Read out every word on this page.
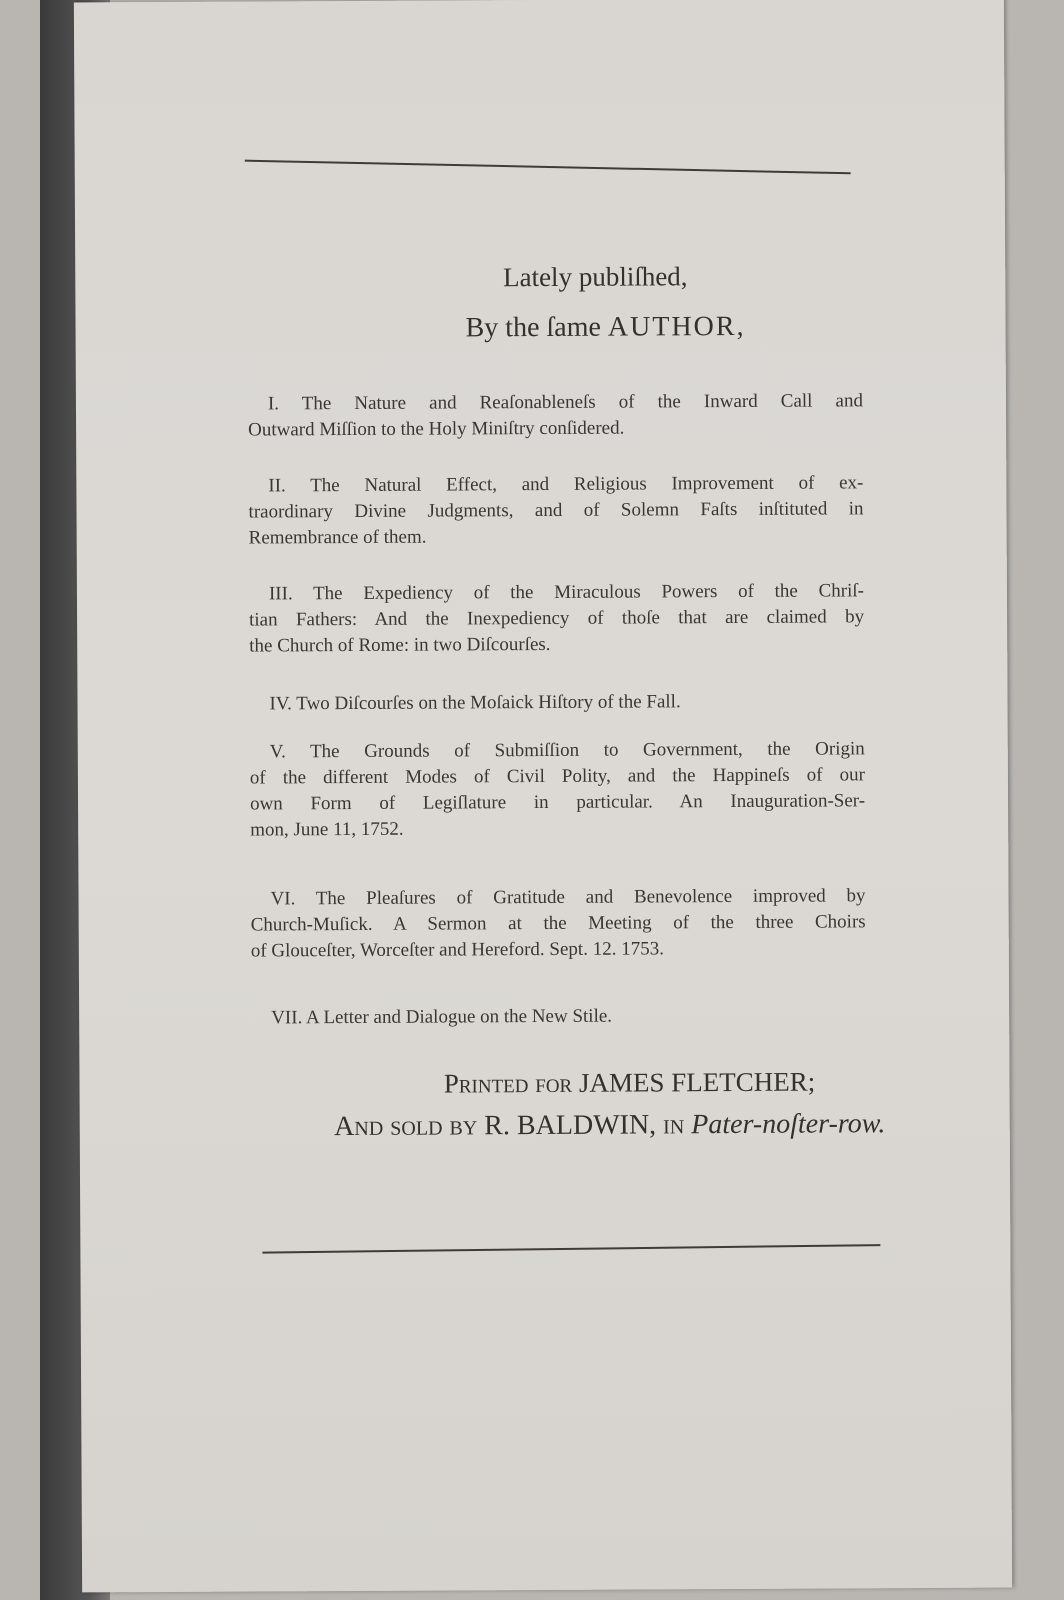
Lately publiſhed,
By the ſame AUTHOR,
I. The Nature and Reaſonableneſs of the Inward Call and
Outward Miſſion to the Holy Miniſtry conſidered.
II. The Natural Effect, and Religious Improvement of ex-
traordinary Divine Judgments, and of Solemn Faſts inſtituted in
Remembrance of them.
III. The Expediency of the Miraculous Powers of the Chriſ-
tian Fathers: And the Inexpediency of thoſe that are claimed by
the Church of Rome: in two Diſcourſes.
IV. Two Diſcourſes on the Moſaick Hiſtory of the Fall.
V. The Grounds of Submiſſion to Government, the Origin
of the different Modes of Civil Polity, and the Happineſs of our
own Form of Legiſlature in particular. An Inauguration-Ser-
mon, June 11, 1752.
VI. The Pleaſures of Gratitude and Benevolence improved by
Church-Muſick. A Sermon at the Meeting of the three Choirs
of Glouceſter, Worceſter and Hereford. Sept. 12. 1753.
VII. A Letter and Dialogue on the New Stile.
Printed for JAMES FLETCHER;
And ſold by R. BALDWIN, in Pater-noſter-row.
